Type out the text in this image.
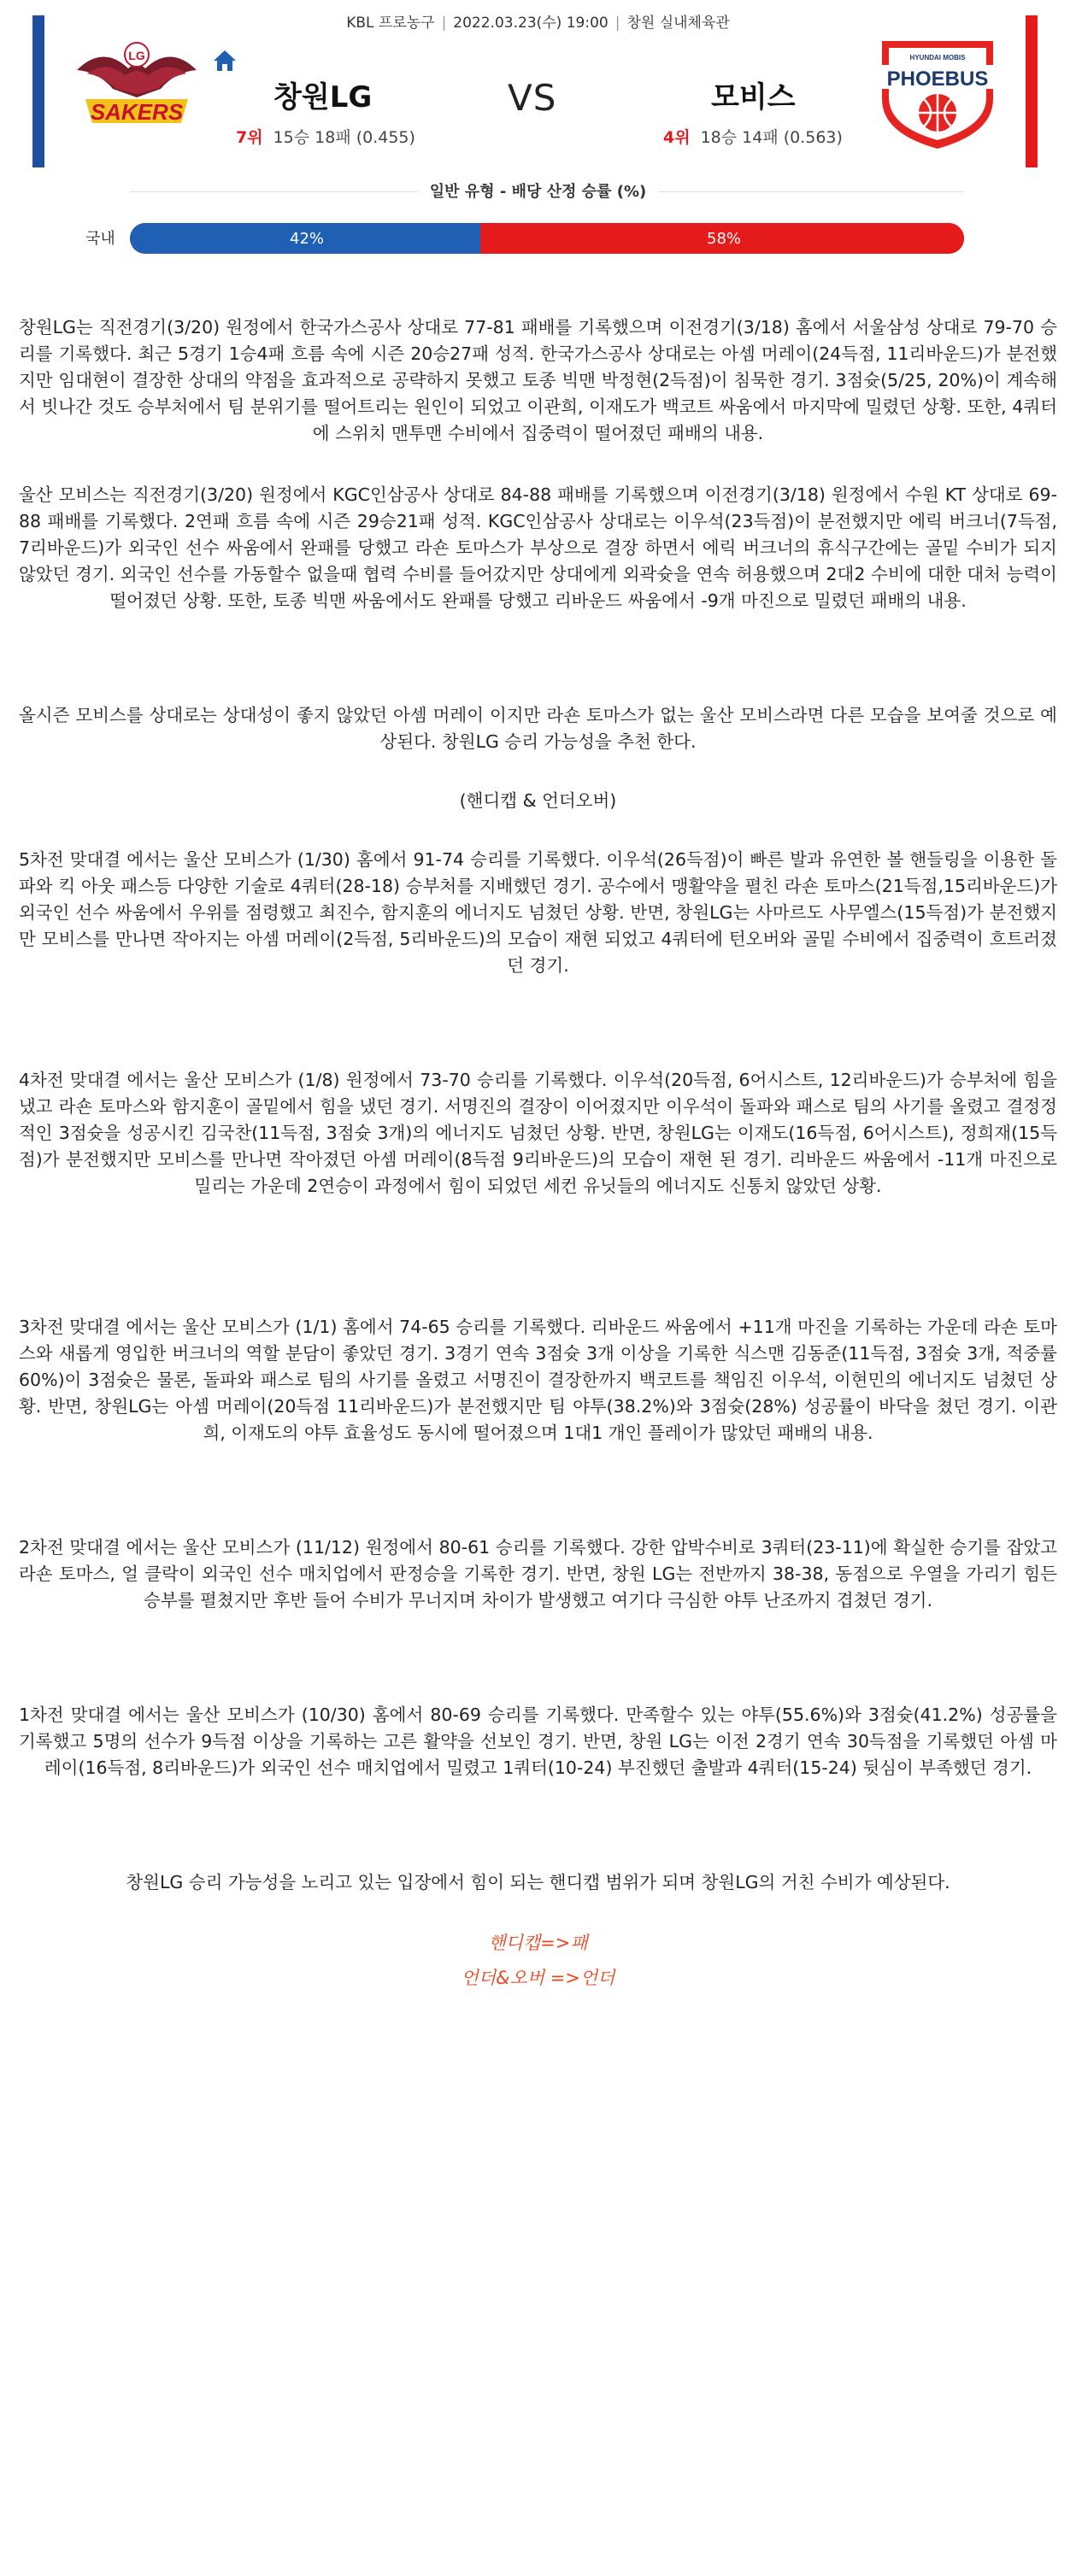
KBL 프로농구 | 2022.03.23(수) 19:00 | 창원 실내체육관
LG
SAKERS	창원LG
7위 15승 18패 (0.455)
VS	모비스
4위 18승 14패 (0.563)
HYUNDAI MOBIS
PHOEBUS
일반 유형 - 배당 산정 승률 (%)
국내	42%	58%

창원LG는 직전경기(3/20) 원정에서 한국가스공사 상대로 77-81 패배를 기록했으며 이전경기(3/18) 홈에서 서울삼성 상대로 79-70 승리를 기록했다. 최근 5경기 1승4패 흐름 속에 시즌 20승27패 성적. 한국가스공사 상대로는 아셈 머레이(24득점, 11리바운드)가 분전했지만 임대현이 결장한 상대의 약점을 효과적으로 공략하지 못했고 토종 빅맨 박정현(2득점)이 침묵한 경기. 3점슛(5/25, 20%)이 계속해서 빗나간 것도 승부처에서 팀 분위기를 떨어트리는 원인이 되었고 이관희, 이재도가 백코트 싸움에서 마지막에 밀렸던 상황. 또한, 4쿼터에 스위치 맨투맨 수비에서 집중력이 떨어졌던 패배의 내용.

울산 모비스는 직전경기(3/20) 원정에서 KGC인삼공사 상대로 84-88 패배를 기록했으며 이전경기(3/18) 원정에서 수원 KT 상대로 69-88 패배를 기록했다. 2연패 흐름 속에 시즌 29승21패 성적. KGC인삼공사 상대로는 이우석(23득점)이 분전했지만 에릭 버크너(7득점, 7리바운드)가 외국인 선수 싸움에서 완패를 당했고 라숀 토마스가 부상으로 결장 하면서 에릭 버크너의 휴식구간에는 골밑 수비가 되지 않았던 경기. 외국인 선수를 가동할수 없을때 협력 수비를 들어갔지만 상대에게 외곽슛을 연속 허용했으며 2대2 수비에 대한 대처 능력이 떨어졌던 상황. 또한, 토종 빅맨 싸움에서도 완패를 당했고 리바운드 싸움에서 -9개 마진으로 밀렸던 패배의 내용.

올시즌 모비스를 상대로는 상대성이 좋지 않았던 아셈 머레이 이지만 라숀 토마스가 없는 울산 모비스라면 다른 모습을 보여줄 것으로 예상된다. 창원LG 승리 가능성을 추천 한다.

(핸디캡 & 언더오버)

5차전 맞대결 에서는 울산 모비스가 (1/30) 홈에서 91-74 승리를 기록했다. 이우석(26득점)이 빠른 발과 유연한 볼 핸들링을 이용한 돌파와 킥 아웃 패스등 다양한 기술로 4쿼터(28-18) 승부처를 지배했던 경기. 공수에서 맹활약을 펼친 라숀 토마스(21득점,15리바운드)가 외국인 선수 싸움에서 우위를 점령했고 최진수, 함지훈의 에너지도 넘쳤던 상황. 반면, 창원LG는 사마르도 사무엘스(15득점)가 분전했지만 모비스를 만나면 작아지는 아셈 머레이(2득점, 5리바운드)의 모습이 재현 되었고 4쿼터에 턴오버와 골밑 수비에서 집중력이 흐트러졌던 경기.

4차전 맞대결 에서는 울산 모비스가 (1/8) 원정에서 73-70 승리를 기록했다. 이우석(20득점, 6어시스트, 12리바운드)가 승부처에 힘을 냈고 라숀 토마스와 함지훈이 골밑에서 힘을 냈던 경기. 서명진의 결장이 이어졌지만 이우석이 돌파와 패스로 팀의 사기를 올렸고 결정정적인 3점슛을 성공시킨 김국찬(11득점, 3점슛 3개)의 에너지도 넘쳤던 상황. 반면, 창원LG는 이재도(16득점, 6어시스트), 정희재(15득점)가 분전했지만 모비스를 만나면 작아졌던 아셈 머레이(8득점 9리바운드)의 모습이 재현 된 경기. 리바운드 싸움에서 -11개 마진으로 밀리는 가운데 2연승이 과정에서 힘이 되었던 세컨 유닛들의 에너지도 신통치 않았던 상황.

3차전 맞대결 에서는 울산 모비스가 (1/1) 홈에서 74-65 승리를 기록했다. 리바운드 싸움에서 +11개 마진을 기록하는 가운데 라숀 토마스와 새롭게 영입한 버크너의 역할 분담이 좋았던 경기. 3경기 연속 3점슛 3개 이상을 기록한 식스맨 김동준(11득점, 3점슛 3개, 적중률 60%)이 3점슛은 물론, 돌파와 패스로 팀의 사기를 올렸고 서명진이 결장한까지 백코트를 책임진 이우석, 이현민의 에너지도 넘쳤던 상황. 반면, 창원LG는 아셈 머레이(20득점 11리바운드)가 분전했지만 팀 야투(38.2%)와 3점슛(28%) 성공률이 바닥을 쳤던 경기. 이관희, 이재도의 야투 효율성도 동시에 떨어졌으며 1대1 개인 플레이가 많았던 패배의 내용.

2차전 맞대결 에서는 울산 모비스가 (11/12) 원정에서 80-61 승리를 기록했다. 강한 압박수비로 3쿼터(23-11)에 확실한 승기를 잡았고 라숀 토마스, 얼 클락이 외국인 선수 매치업에서 판정승을 기록한 경기. 반면, 창원 LG는 전반까지 38-38, 동점으로 우열을 가리기 힘든 승부를 펼쳤지만 후반 들어 수비가 무너지며 차이가 발생했고 여기다 극심한 야투 난조까지 겹쳤던 경기.

1차전 맞대결 에서는 울산 모비스가 (10/30) 홈에서 80-69 승리를 기록했다. 만족할수 있는 야투(55.6%)와 3점슛(41.2%) 성공률을 기록했고 5명의 선수가 9득점 이상을 기록하는 고른 활약을 선보인 경기. 반면, 창원 LG는 이전 2경기 연속 30득점을 기록했던 아셈 마레이(16득점, 8리바운드)가 외국인 선수 매치업에서 밀렸고 1쿼터(10-24) 부진했던 출발과 4쿼터(15-24) 뒷심이 부족했던 경기.

창원LG 승리 가능성을 노리고 있는 입장에서 힘이 되는 핸디캡 범위가 되며 창원LG의 거친 수비가 예상된다.

핸디캡=>패

언더&오버 =>언더
